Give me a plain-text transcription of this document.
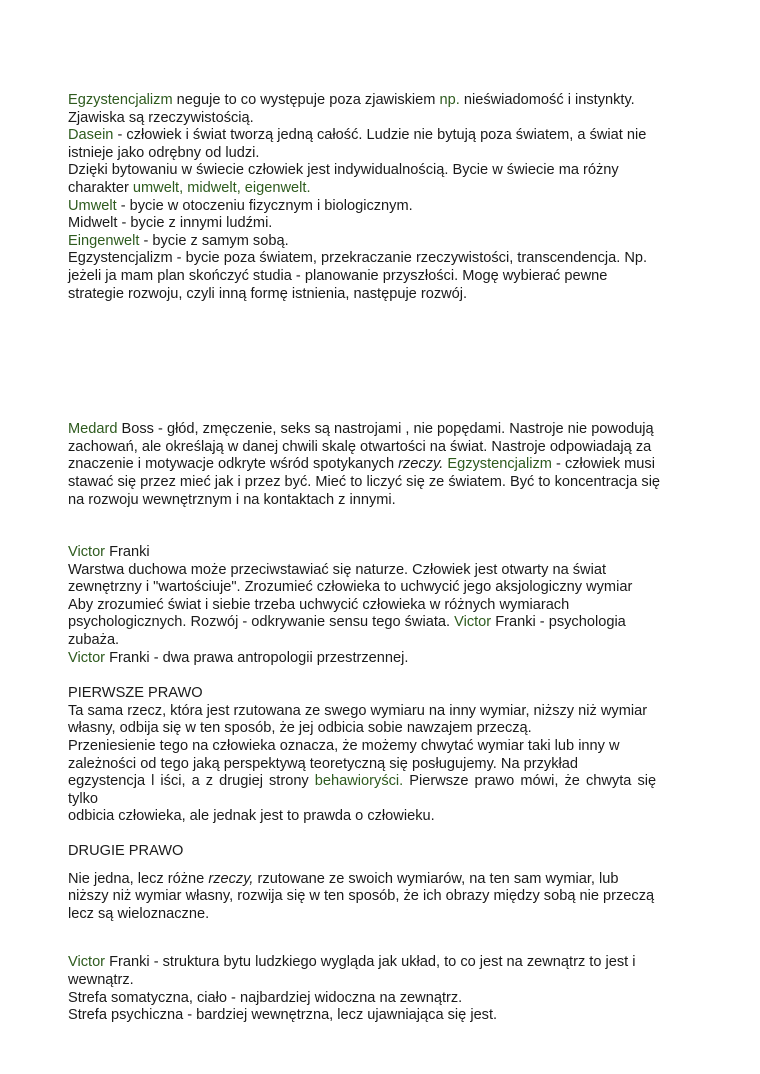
Egzystencjalizm neguje to co występuje poza zjawiskiem np. nieświadomość i instynkty.

Zjawiska są rzeczywistością.

Dasein - człowiek i świat tworzą jedną całość. Ludzie nie bytują poza światem, a świat nie

istnieje jako odrębny od ludzi.

Dzięki bytowaniu w świecie człowiek jest indywidualnością. Bycie w świecie ma różny

charakter umwelt, midwelt, eigenwelt.

Umwelt - bycie w otoczeniu fizycznym i biologicznym.

Midwelt - bycie z innymi ludźmi.

Eingenwelt - bycie z samym sobą.

Egzystencjalizm - bycie poza światem, przekraczanie rzeczywistości, transcendencja. Np.

jeżeli ja mam plan skończyć studia - planowanie przyszłości. Mogę wybierać pewne

strategie rozwoju, czyli inną formę istnienia, następuje rozwój.

Medard Boss - głód, zmęczenie, seks są nastrojami , nie popędami. Nastroje nie powodują

zachowań, ale określają w danej chwili skalę otwartości na świat. Nastroje odpowiadają za

znaczenie i motywacje odkryte wśród spotykanych rzeczy. Egzystencjalizm - człowiek musi

stawać się przez mieć jak i przez być. Mieć to liczyć się ze światem. Być to koncentracja się

na rozwoju wewnętrznym i na kontaktach z innymi.

Victor Franki

Warstwa duchowa może przeciwstawiać się naturze. Człowiek jest otwarty na świat

zewnętrzny i "wartościuje". Zrozumieć człowieka to uchwycić jego aksjologiczny wymiar

Aby zrozumieć świat i siebie trzeba uchwycić człowieka w różnych wymiarach

psychologicznych. Rozwój - odkrywanie sensu tego świata. Victor Franki - psychologia

zubaża.

Victor Franki - dwa prawa antropologii przestrzennej.

PIERWSZE PRAWO

Ta sama rzecz, która jest rzutowana ze swego wymiaru na inny wymiar, niższy niż wymiar

własny, odbija się w ten sposób, że jej odbicia sobie nawzajem przeczą.

Przeniesienie tego na człowieka oznacza, że możemy chwytać wymiar taki lub inny w

zależności od tego jaką perspektywą teoretyczną się posługujemy. Na przykład

egzystencja l iści, a z drugiej strony behawioryści. Pierwsze prawo mówi, że chwyta się

tylko

odbicia człowieka, ale jednak jest to prawda o człowieku.

DRUGIE PRAWO

Nie jedna, lecz różne rzeczy, rzutowane ze swoich wymiarów, na ten sam wymiar, lub

niższy niż wymiar własny, rozwija się w ten sposób, że ich obrazy między sobą nie przeczą

lecz są wieloznaczne.

Victor Franki - struktura bytu ludzkiego wygląda jak układ, to co jest na zewnątrz to jest i

wewnątrz.

Strefa somatyczna, ciało - najbardziej widoczna na zewnątrz.

Strefa psychiczna - bardziej wewnętrzna, lecz ujawniająca się jest.
